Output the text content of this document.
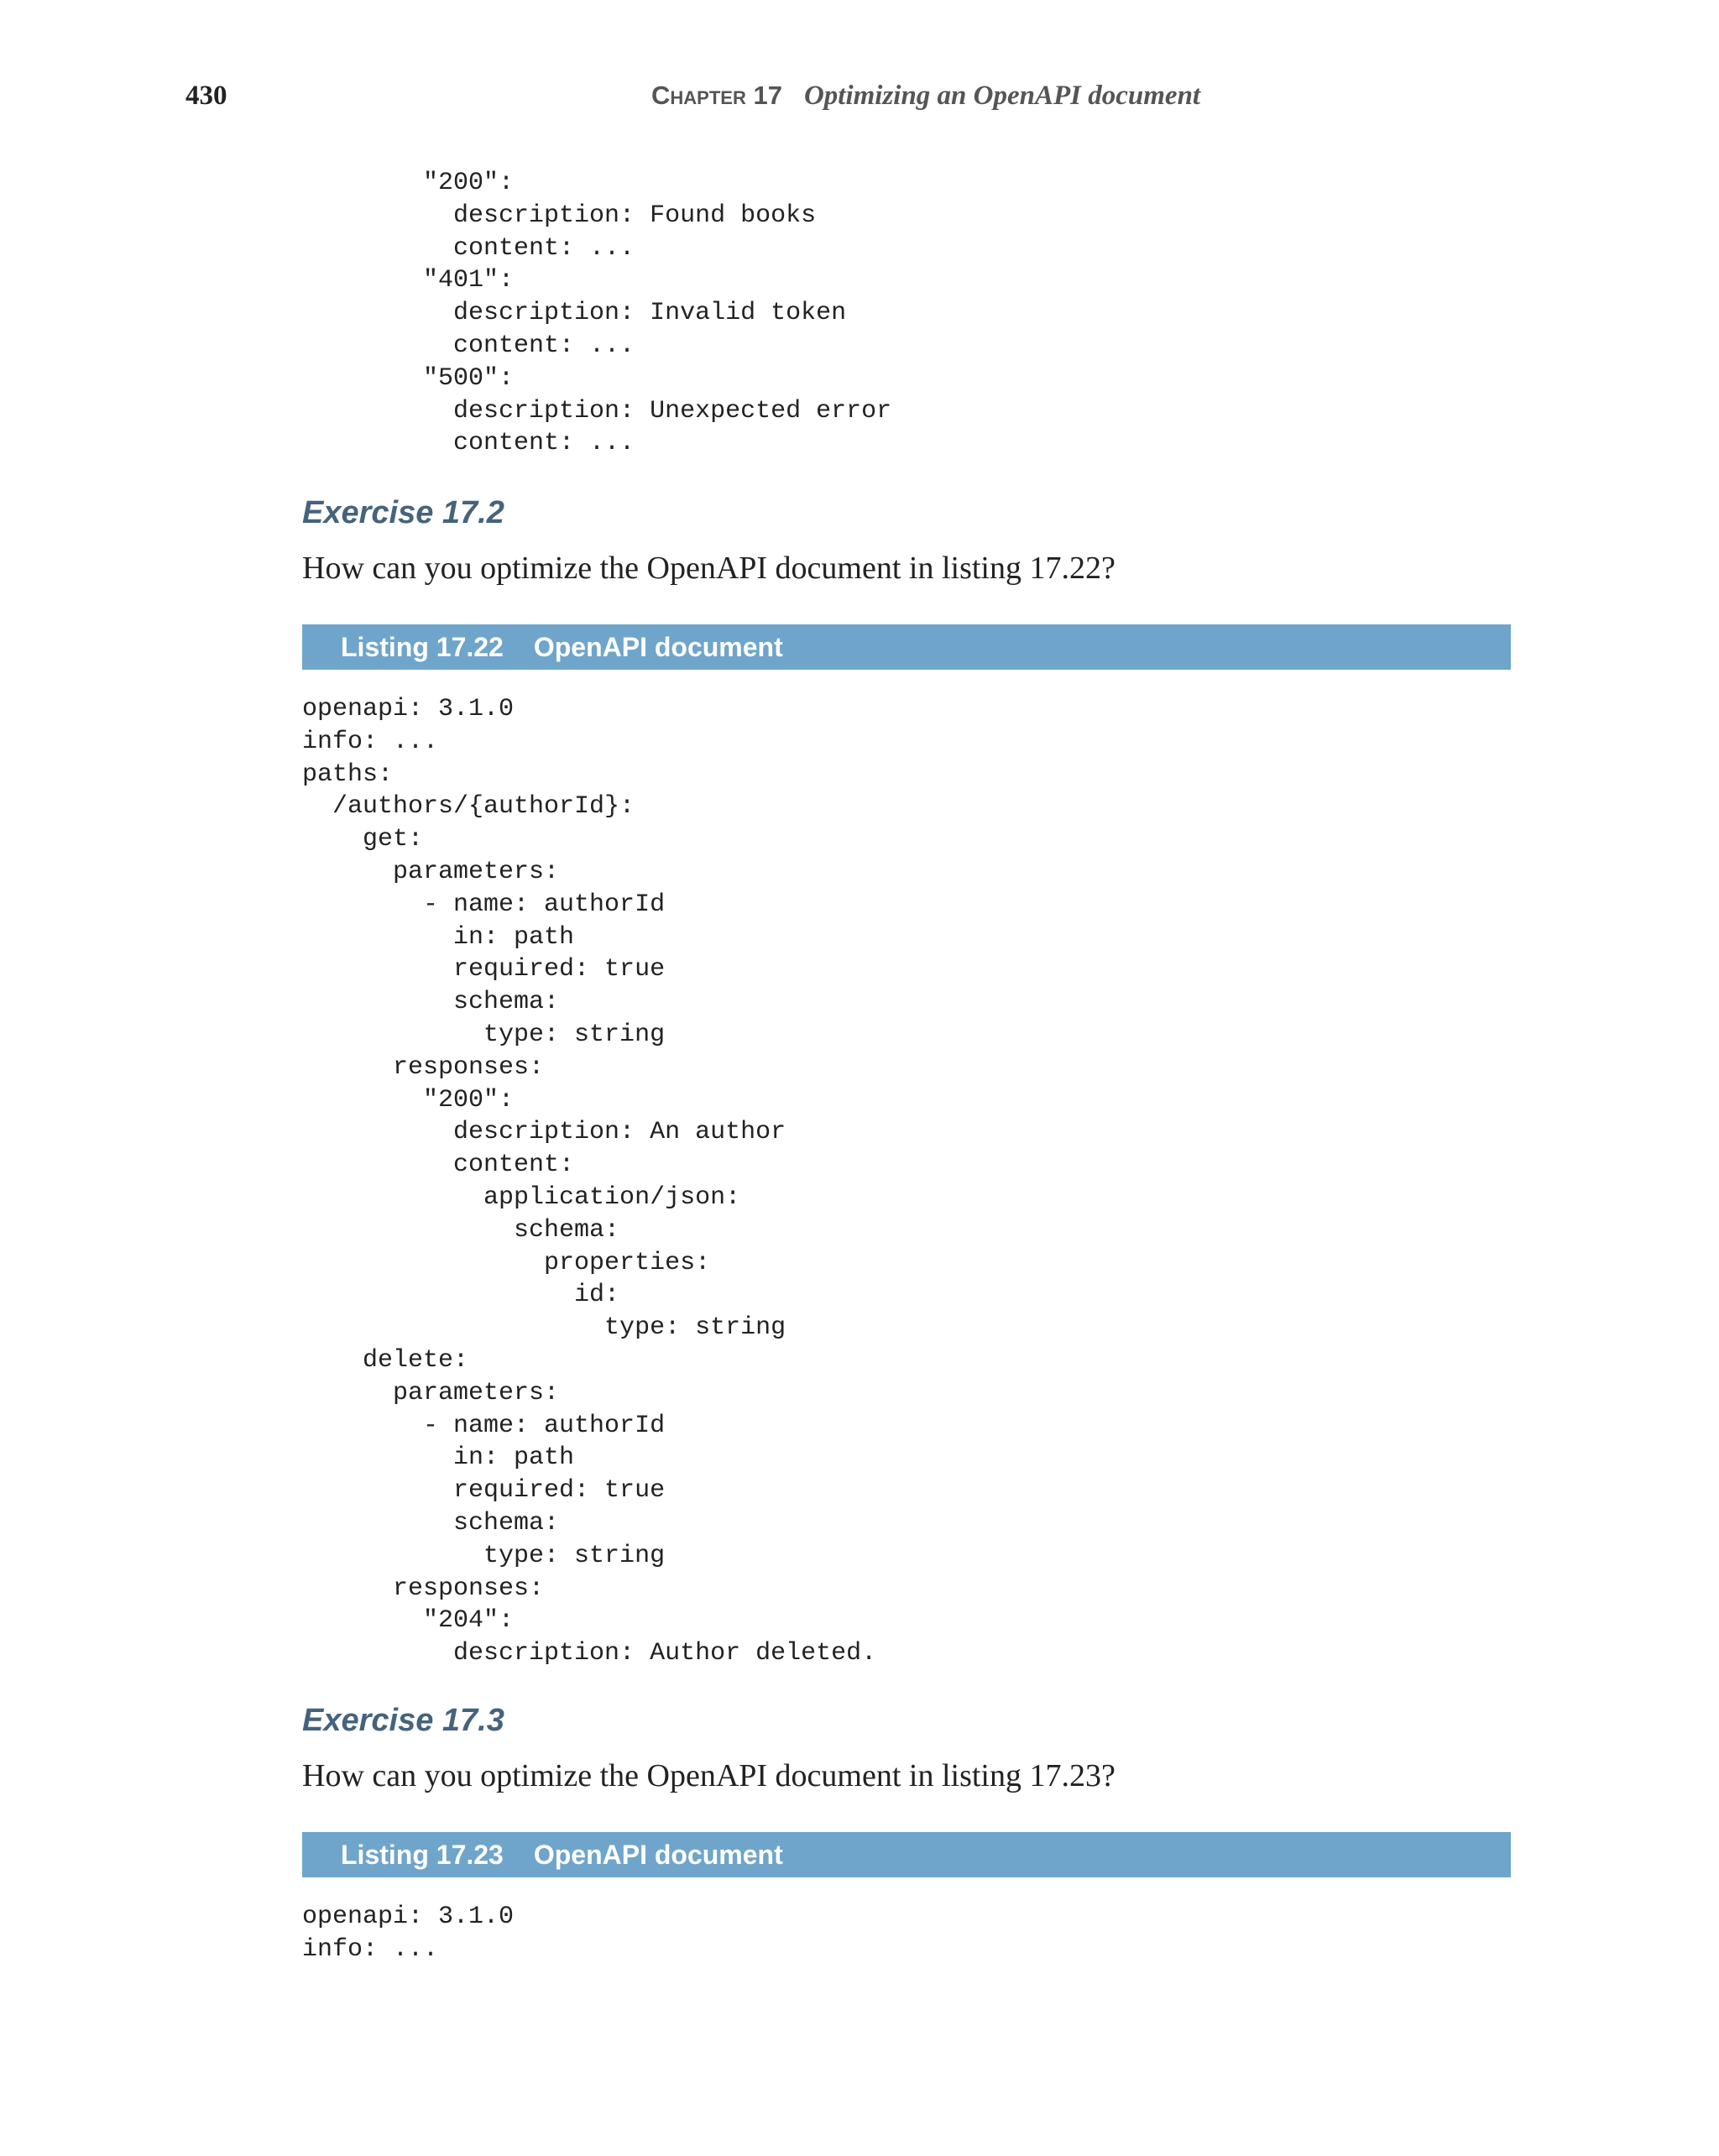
430	Chapter 17 Optimizing an OpenAPI document
"200":
description: Found books
content: ...
"401":
description: Invalid token
content: ...
"500":
description: Unexpected error
content: ...
Exercise 17.2

How can you optimize the OpenAPI document in listing 17.22?

Listing 17.22 OpenAPI document
openapi: 3.1.0
info: ...
paths:
/authors/{authorId}:
get:
parameters:
- name: authorId
in: path
required: true
schema:
type: string
responses:
"200":
description: An author
content:
application/json:
schema:
properties:
id:
type: string
delete:
parameters:
- name: authorId
in: path
required: true
schema:
type: string
responses:
"204":
description: Author deleted.
Exercise 17.3

How can you optimize the OpenAPI document in listing 17.23?

Listing 17.23 OpenAPI document
openapi: 3.1.0
info: ...
